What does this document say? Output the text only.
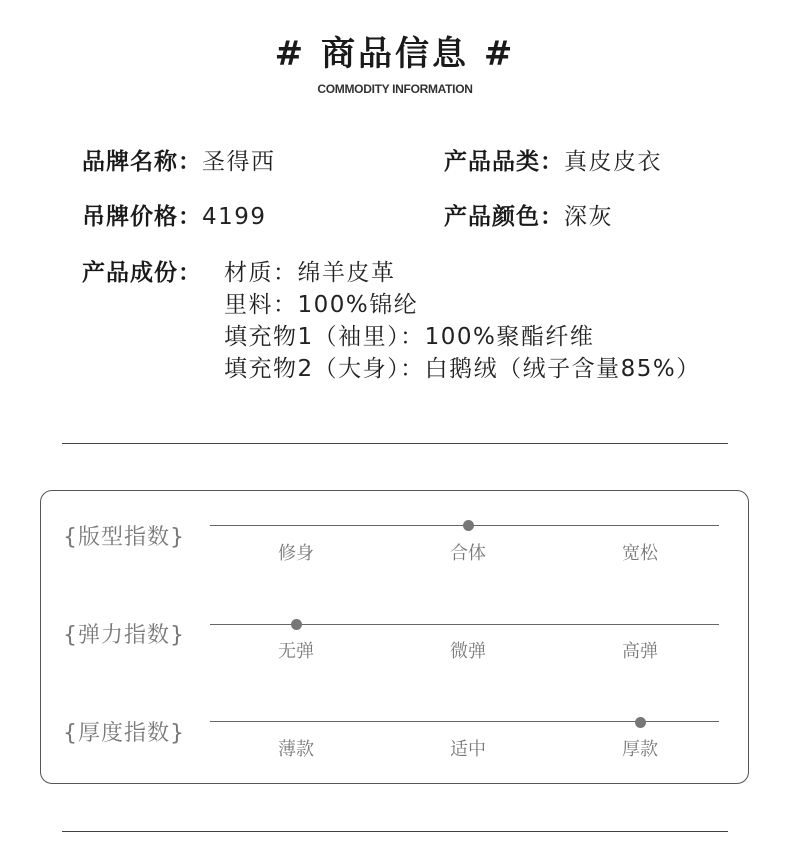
# 商品信息 #
COMMODITY INFORMATION
品牌名称：圣得西	产品品类：真皮皮衣
吊牌价格：4199	产品颜色：深灰
产品成份： 材质：绵羊皮革
里料：100%锦纶
填充物1（袖里）：100%聚酯纤维
填充物2（大身）：白鹅绒（绒子含量85%）
{版型指数}
修身	合体	宽松
{弹力指数}
无弹	微弹	高弹
{厚度指数}
薄款	适中	厚款
